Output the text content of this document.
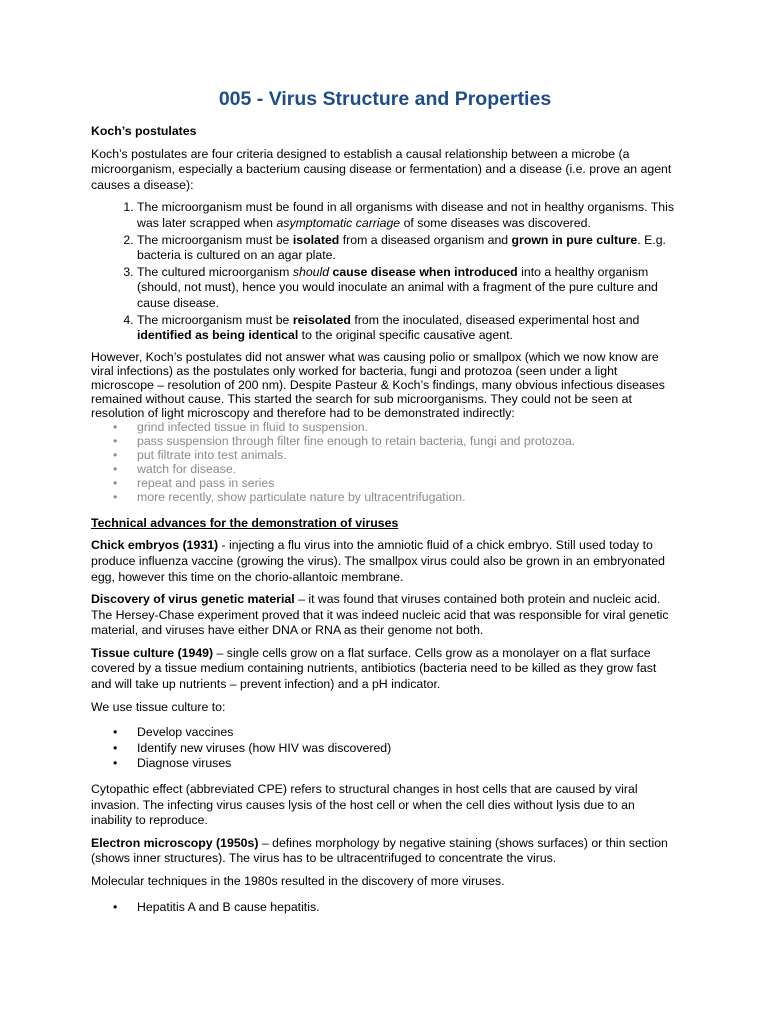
005 - Virus Structure and Properties
Koch’s postulates

Koch’s postulates are four criteria designed to establish a causal relationship between a microbe (a microorganism, especially a bacterium causing disease or fermentation) and a disease (i.e. prove an agent causes a disease):

1. The microorganism must be found in all organisms with disease and not in healthy organisms. This was later scrapped when asymptomatic carriage of some diseases was discovered.
2. The microorganism must be isolated from a diseased organism and grown in pure culture. E.g. bacteria is cultured on an agar plate.
3. The cultured microorganism should cause disease when introduced into a healthy organism (should, not must), hence you would inoculate an animal with a fragment of the pure culture and cause disease.
4. The microorganism must be reisolated from the inoculated, diseased experimental host and identified as being identical to the original specific causative agent.

However, Koch’s postulates did not answer what was causing polio or smallpox (which we now know are viral infections) as the postulates only worked for bacteria, fungi and protozoa (seen under a light microscope – resolution of 200 nm). Despite Pasteur & Koch’s findings, many obvious infectious diseases remained without cause. This started the search for sub microorganisms. They could not be seen at resolution of light microscopy and therefore had to be demonstrated indirectly:

• grind infected tissue in fluid to suspension.
• pass suspension through filter fine enough to retain bacteria, fungi and protozoa.
• put filtrate into test animals.
• watch for disease.
• repeat and pass in series
• more recently, show particulate nature by ultracentrifugation.
Technical advances for the demonstration of viruses

Chick embryos (1931) - injecting a flu virus into the amniotic fluid of a chick embryo. Still used today to produce influenza vaccine (growing the virus). The smallpox virus could also be grown in an embryonated egg, however this time on the chorio-allantoic membrane.

Discovery of virus genetic material – it was found that viruses contained both protein and nucleic acid. The Hersey-Chase experiment proved that it was indeed nucleic acid that was responsible for viral genetic material, and viruses have either DNA or RNA as their genome not both.

Tissue culture (1949) – single cells grow on a flat surface. Cells grow as a monolayer on a flat surface covered by a tissue medium containing nutrients, antibiotics (bacteria need to be killed as they grow fast and will take up nutrients – prevent infection) and a pH indicator.

We use tissue culture to:

• Develop vaccines
• Identify new viruses (how HIV was discovered)
• Diagnose viruses

Cytopathic effect (abbreviated CPE) refers to structural changes in host cells that are caused by viral invasion. The infecting virus causes lysis of the host cell or when the cell dies without lysis due to an inability to reproduce.

Electron microscopy (1950s) – defines morphology by negative staining (shows surfaces) or thin section (shows inner structures). The virus has to be ultracentrifuged to concentrate the virus.

Molecular techniques in the 1980s resulted in the discovery of more viruses.

• Hepatitis A and B cause hepatitis.
